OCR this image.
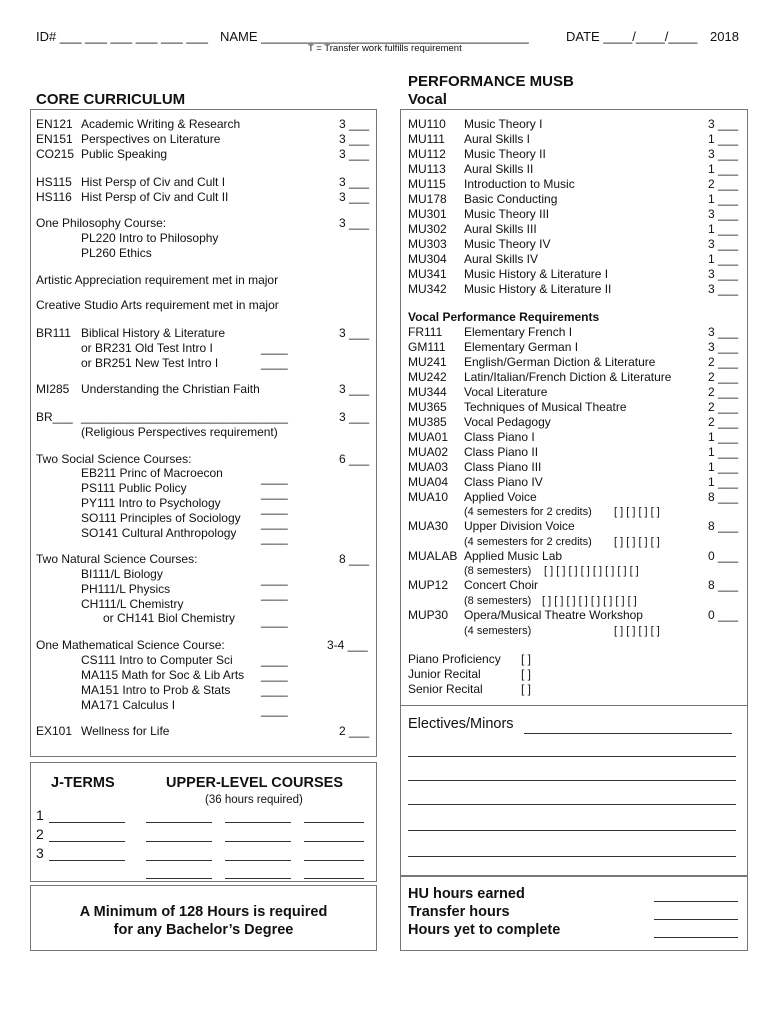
ID# ___ ___ ___ ___ ___ ___ NAME _____________________________________	DATE ____/____/____ 2018
T = Transfer work fulfills requirement
CORE CURRICULUM
EN121 Academic Writing & Research	3 ___
EN151 Perspectives on Literature	3 ___
CO215 Public Speaking	3 ___
HS115 Hist Persp of Civ and Cult I	3 ___
HS116 Hist Persp of Civ and Cult II	3 ___
One Philosophy Course:	3 ___
PL220 Intro to Philosophy
PL260 Ethics
Artistic Appreciation requirement met in major
Creative Studio Arts requirement met in major
BR111 Biblical History & Literature	3 ___
or BR231 Old Test Intro I	____
or BR251 New Test Intro I	____
MI285 Understanding the Christian Faith	3 ___
BR___ _______________________________	3 ___
(Religious Perspectives requirement)
Two Social Science Courses:	6 ___
EB211 Princ of Macroecon	____
PS111 Public Policy	____
PY111 Intro to Psychology	____
SO111 Principles of Sociology ____
SO141 Cultural Anthropology ____
Two Natural Science Courses:	8 ___
BI111/L Biology	____
PH111/L Physics	____
CH111/L Chemistry
or CH141 Biol Chemistry ____
One Mathematical Science Course:	3-4 ___
CS111 Intro to Computer Sci ____
MA115 Math for Soc & Lib Arts ____
MA151 Intro to Prob & Stats	____
MA171 Calculus I	____
EX101 Wellness for Life	2 ___
J-TERMS	UPPER-LEVEL COURSES
(36 hours required)
1
2
3
A Minimum of 128 Hours is required
for any Bachelor’s Degree
PERFORMANCE MUSB
Vocal
MU110 Music Theory I	3 ___
MU111 Aural Skills I	1 ___
MU112 Music Theory II	3 ___
MU113 Aural Skills II	1 ___
MU115 Introduction to Music	2 ___
MU178 Basic Conducting	1 ___
MU301 Music Theory III	3 ___
MU302 Aural Skills III	1 ___
MU303 Music Theory IV	3 ___
MU304 Aural Skills IV	1 ___
MU341 Music History & Literature I	3 ___
MU342 Music History & Literature II	3 ___
Vocal Performance Requirements
FR111 Elementary French I	3 ___
GM111 Elementary German I	3 ___
MU241 English/German Diction & Literature	2 ___
MU242 Latin/Italian/French Diction & Literature	2 ___
MU344 Vocal Literature	2 ___
MU365 Techniques of Musical Theatre	2 ___
MU385 Vocal Pedagogy	2 ___
MUA01 Class Piano I	1 ___
MUA02 Class Piano II	1 ___
MUA03 Class Piano III	1 ___
MUA04 Class Piano IV	1 ___
MUA10 Applied Voice	8 ___
(4 semesters for 2 credits) [ ] [ ] [ ] [ ]
MUA30 Upper Division Voice	8 ___
(4 semesters for 2 credits) [ ] [ ] [ ] [ ]
MUALAB Applied Music Lab	0 ___
(8 semesters) [ ] [ ] [ ] [ ] [ ] [ ] [ ] [ ]
MUP12 Concert Choir	8 ___
(8 semesters) [ ] [ ] [ ] [ ] [ ] [ ] [ ] [ ]
MUP30 Opera/Musical Theatre Workshop	0 ___
(4 semesters)	[ ] [ ] [ ] [ ]
Piano Proficiency [ ]
Junior Recital	[ ]
Senior Recital	[ ]
Electives/Minors
HU hours earned
Transfer hours
Hours yet to complete
